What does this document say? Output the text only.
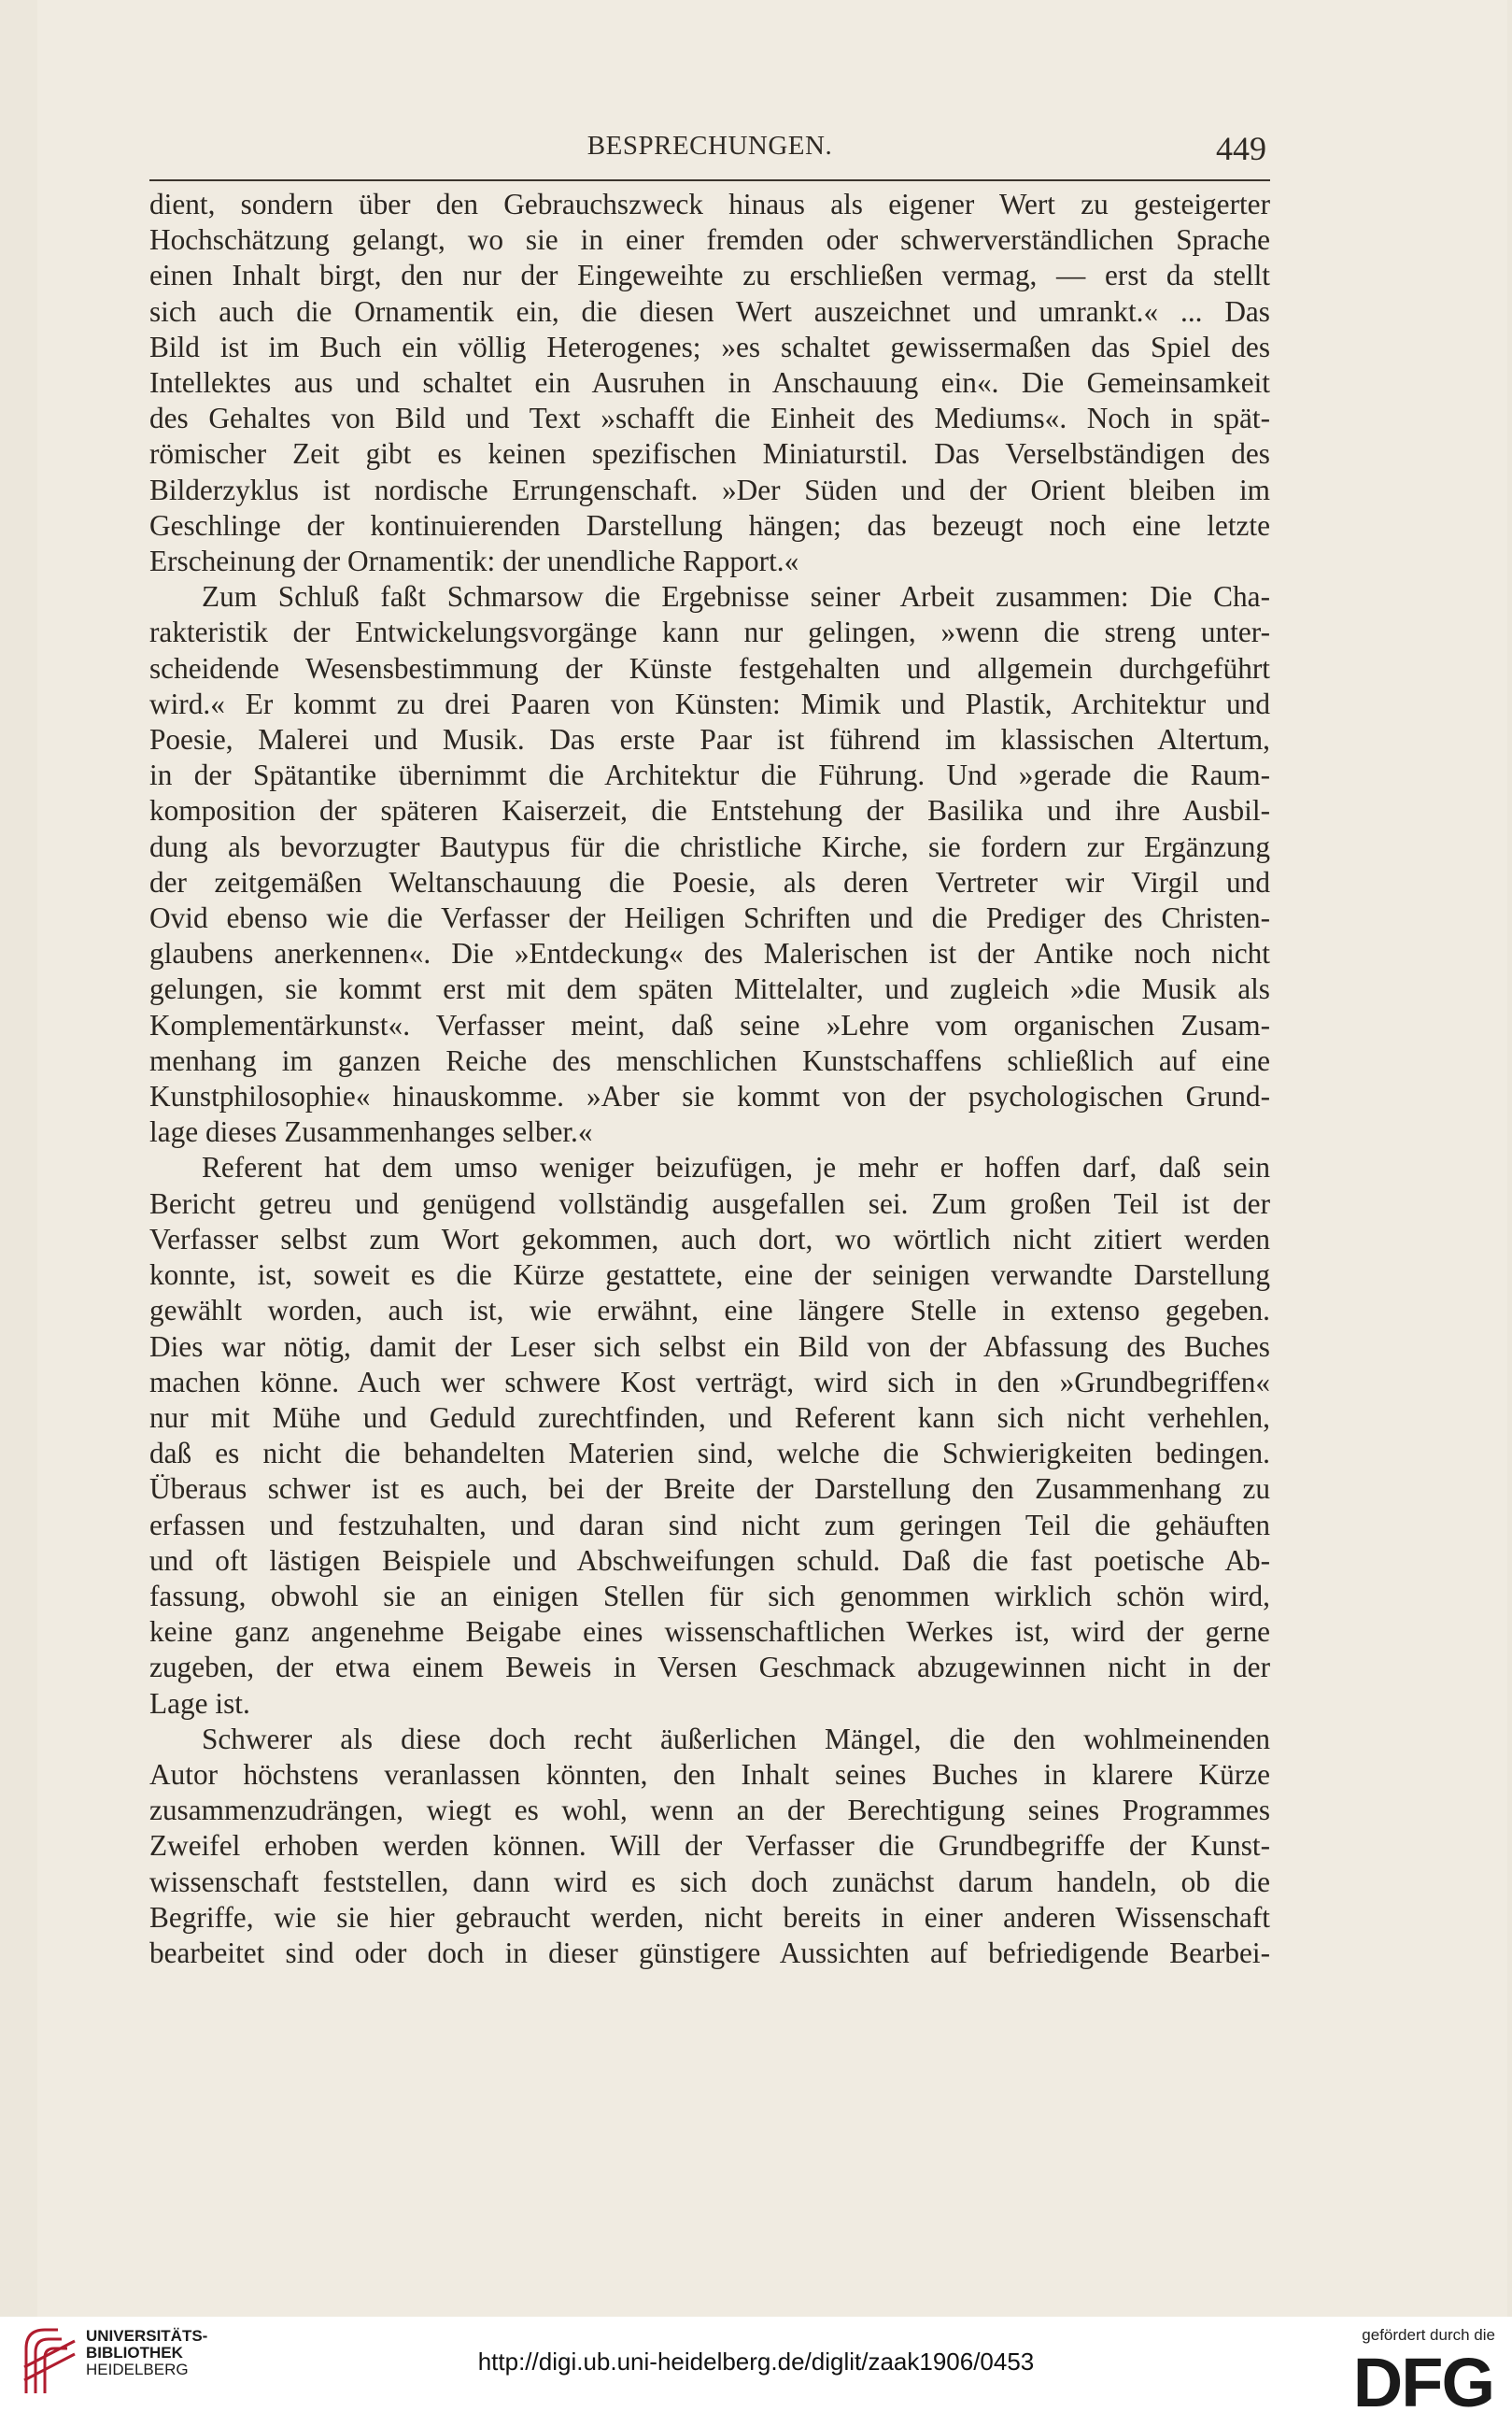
BESPRECHUNGEN.	449

dient, sondern über den Gebrauchszweck hinaus als eigener Wert zu gesteigerter
Hochschätzung gelangt, wo sie in einer fremden oder schwerverständlichen Sprache
einen Inhalt birgt, den nur der Eingeweihte zu erschließen vermag, — erst da stellt
sich auch die Ornamentik ein, die diesen Wert auszeichnet und umrankt.« ... Das
Bild ist im Buch ein völlig Heterogenes; »es schaltet gewissermaßen das Spiel des
Intellektes aus und schaltet ein Ausruhen in Anschauung ein«. Die Gemeinsamkeit
des Gehaltes von Bild und Text »schafft die Einheit des Mediums«. Noch in spät-
römischer Zeit gibt es keinen spezifischen Miniaturstil. Das Verselbständigen des
Bilderzyklus ist nordische Errungenschaft. »Der Süden und der Orient bleiben im
Geschlinge der kontinuierenden Darstellung hängen; das bezeugt noch eine letzte
Erscheinung der Ornamentik: der unendliche Rapport.«

Zum Schluß faßt Schmarsow die Ergebnisse seiner Arbeit zusammen: Die Cha-
rakteristik der Entwickelungsvorgänge kann nur gelingen, »wenn die streng unter-
scheidende Wesensbestimmung der Künste festgehalten und allgemein durchgeführt
wird.« Er kommt zu drei Paaren von Künsten: Mimik und Plastik, Architektur und
Poesie, Malerei und Musik. Das erste Paar ist führend im klassischen Altertum,
in der Spätantike übernimmt die Architektur die Führung. Und »gerade die Raum-
komposition der späteren Kaiserzeit, die Entstehung der Basilika und ihre Ausbil-
dung als bevorzugter Bautypus für die christliche Kirche, sie fordern zur Ergänzung
der zeitgemäßen Weltanschauung die Poesie, als deren Vertreter wir Virgil und
Ovid ebenso wie die Verfasser der Heiligen Schriften und die Prediger des Christen-
glaubens anerkennen«. Die »Entdeckung« des Malerischen ist der Antike noch nicht
gelungen, sie kommt erst mit dem späten Mittelalter, und zugleich »die Musik als
Komplementärkunst«. Verfasser meint, daß seine »Lehre vom organischen Zusam-
menhang im ganzen Reiche des menschlichen Kunstschaffens schließlich auf eine
Kunstphilosophie« hinauskomme. »Aber sie kommt von der psychologischen Grund-
lage dieses Zusammenhanges selber.«

Referent hat dem umso weniger beizufügen, je mehr er hoffen darf, daß sein
Bericht getreu und genügend vollständig ausgefallen sei. Zum großen Teil ist der
Verfasser selbst zum Wort gekommen, auch dort, wo wörtlich nicht zitiert werden
konnte, ist, soweit es die Kürze gestattete, eine der seinigen verwandte Darstellung
gewählt worden, auch ist, wie erwähnt, eine längere Stelle in extenso gegeben.
Dies war nötig, damit der Leser sich selbst ein Bild von der Abfassung des Buches
machen könne. Auch wer schwere Kost verträgt, wird sich in den »Grundbegriffen«
nur mit Mühe und Geduld zurechtfinden, und Referent kann sich nicht verhehlen,
daß es nicht die behandelten Materien sind, welche die Schwierigkeiten bedingen.
Überaus schwer ist es auch, bei der Breite der Darstellung den Zusammenhang zu
erfassen und festzuhalten, und daran sind nicht zum geringen Teil die gehäuften
und oft lästigen Beispiele und Abschweifungen schuld. Daß die fast poetische Ab-
fassung, obwohl sie an einigen Stellen für sich genommen wirklich schön wird,
keine ganz angenehme Beigabe eines wissenschaftlichen Werkes ist, wird der gerne
zugeben, der etwa einem Beweis in Versen Geschmack abzugewinnen nicht in der
Lage ist.

Schwerer als diese doch recht äußerlichen Mängel, die den wohlmeinenden
Autor höchstens veranlassen könnten, den Inhalt seines Buches in klarere Kürze
zusammenzudrängen, wiegt es wohl, wenn an der Berechtigung seines Programmes
Zweifel erhoben werden können. Will der Verfasser die Grundbegriffe der Kunst-
wissenschaft feststellen, dann wird es sich doch zunächst darum handeln, ob die
Begriffe, wie sie hier gebraucht werden, nicht bereits in einer anderen Wissenschaft
bearbeitet sind oder doch in dieser günstigere Aussichten auf befriedigende Bearbei-

UNIVERSITÄTS-
BIBLIOTHEK
HEIDELBERG	http://digi.ub.uni-heidelberg.de/diglit/zaak1906/0453
gefördert durch die
DFG
